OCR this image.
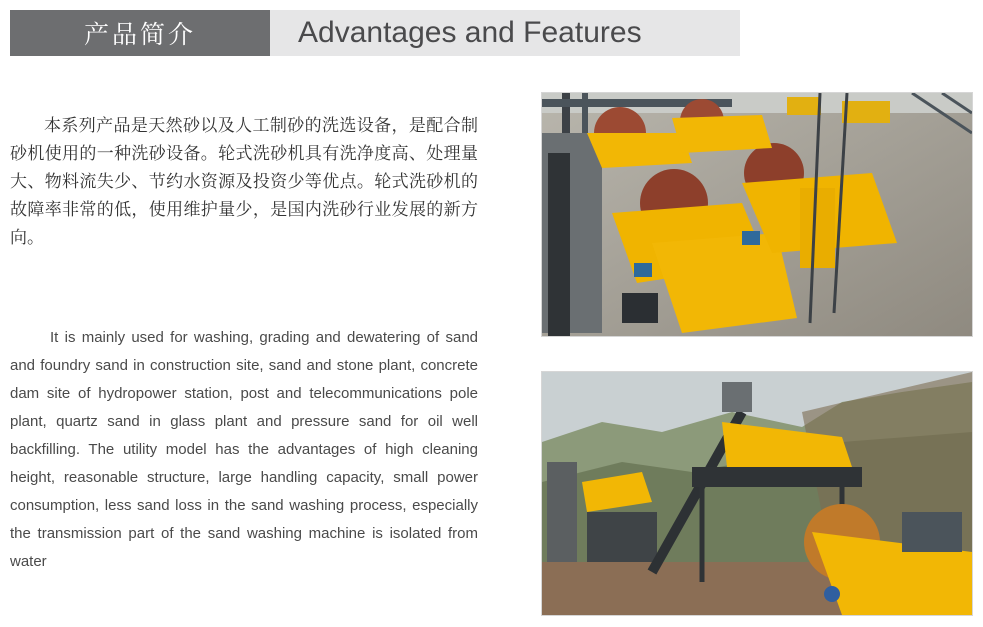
产品简介	Advantages and Features

本系列产品是天然砂以及人工制砂的洗选设备，是配合制砂机使用的一种洗砂设备。轮式洗砂机具有洗净度高、处理量大、物料流失少、节约水资源及投资少等优点。轮式洗砂机的故障率非常的低，使用维护量少，是国内洗砂行业发展的新方向。

It is mainly used for washing, grading and dewatering of sand and foundry sand in construction site, sand and stone plant, concrete dam site of hydropower station, post and telecommunications pole plant, quartz sand in glass plant and pressure sand for oil well backfilling. The utility model has the advantages of high cleaning height, reasonable structure, large handling capacity, small power consumption, less sand loss in the sand washing process, especially the transmission part of the sand washing machine is isolated from water
